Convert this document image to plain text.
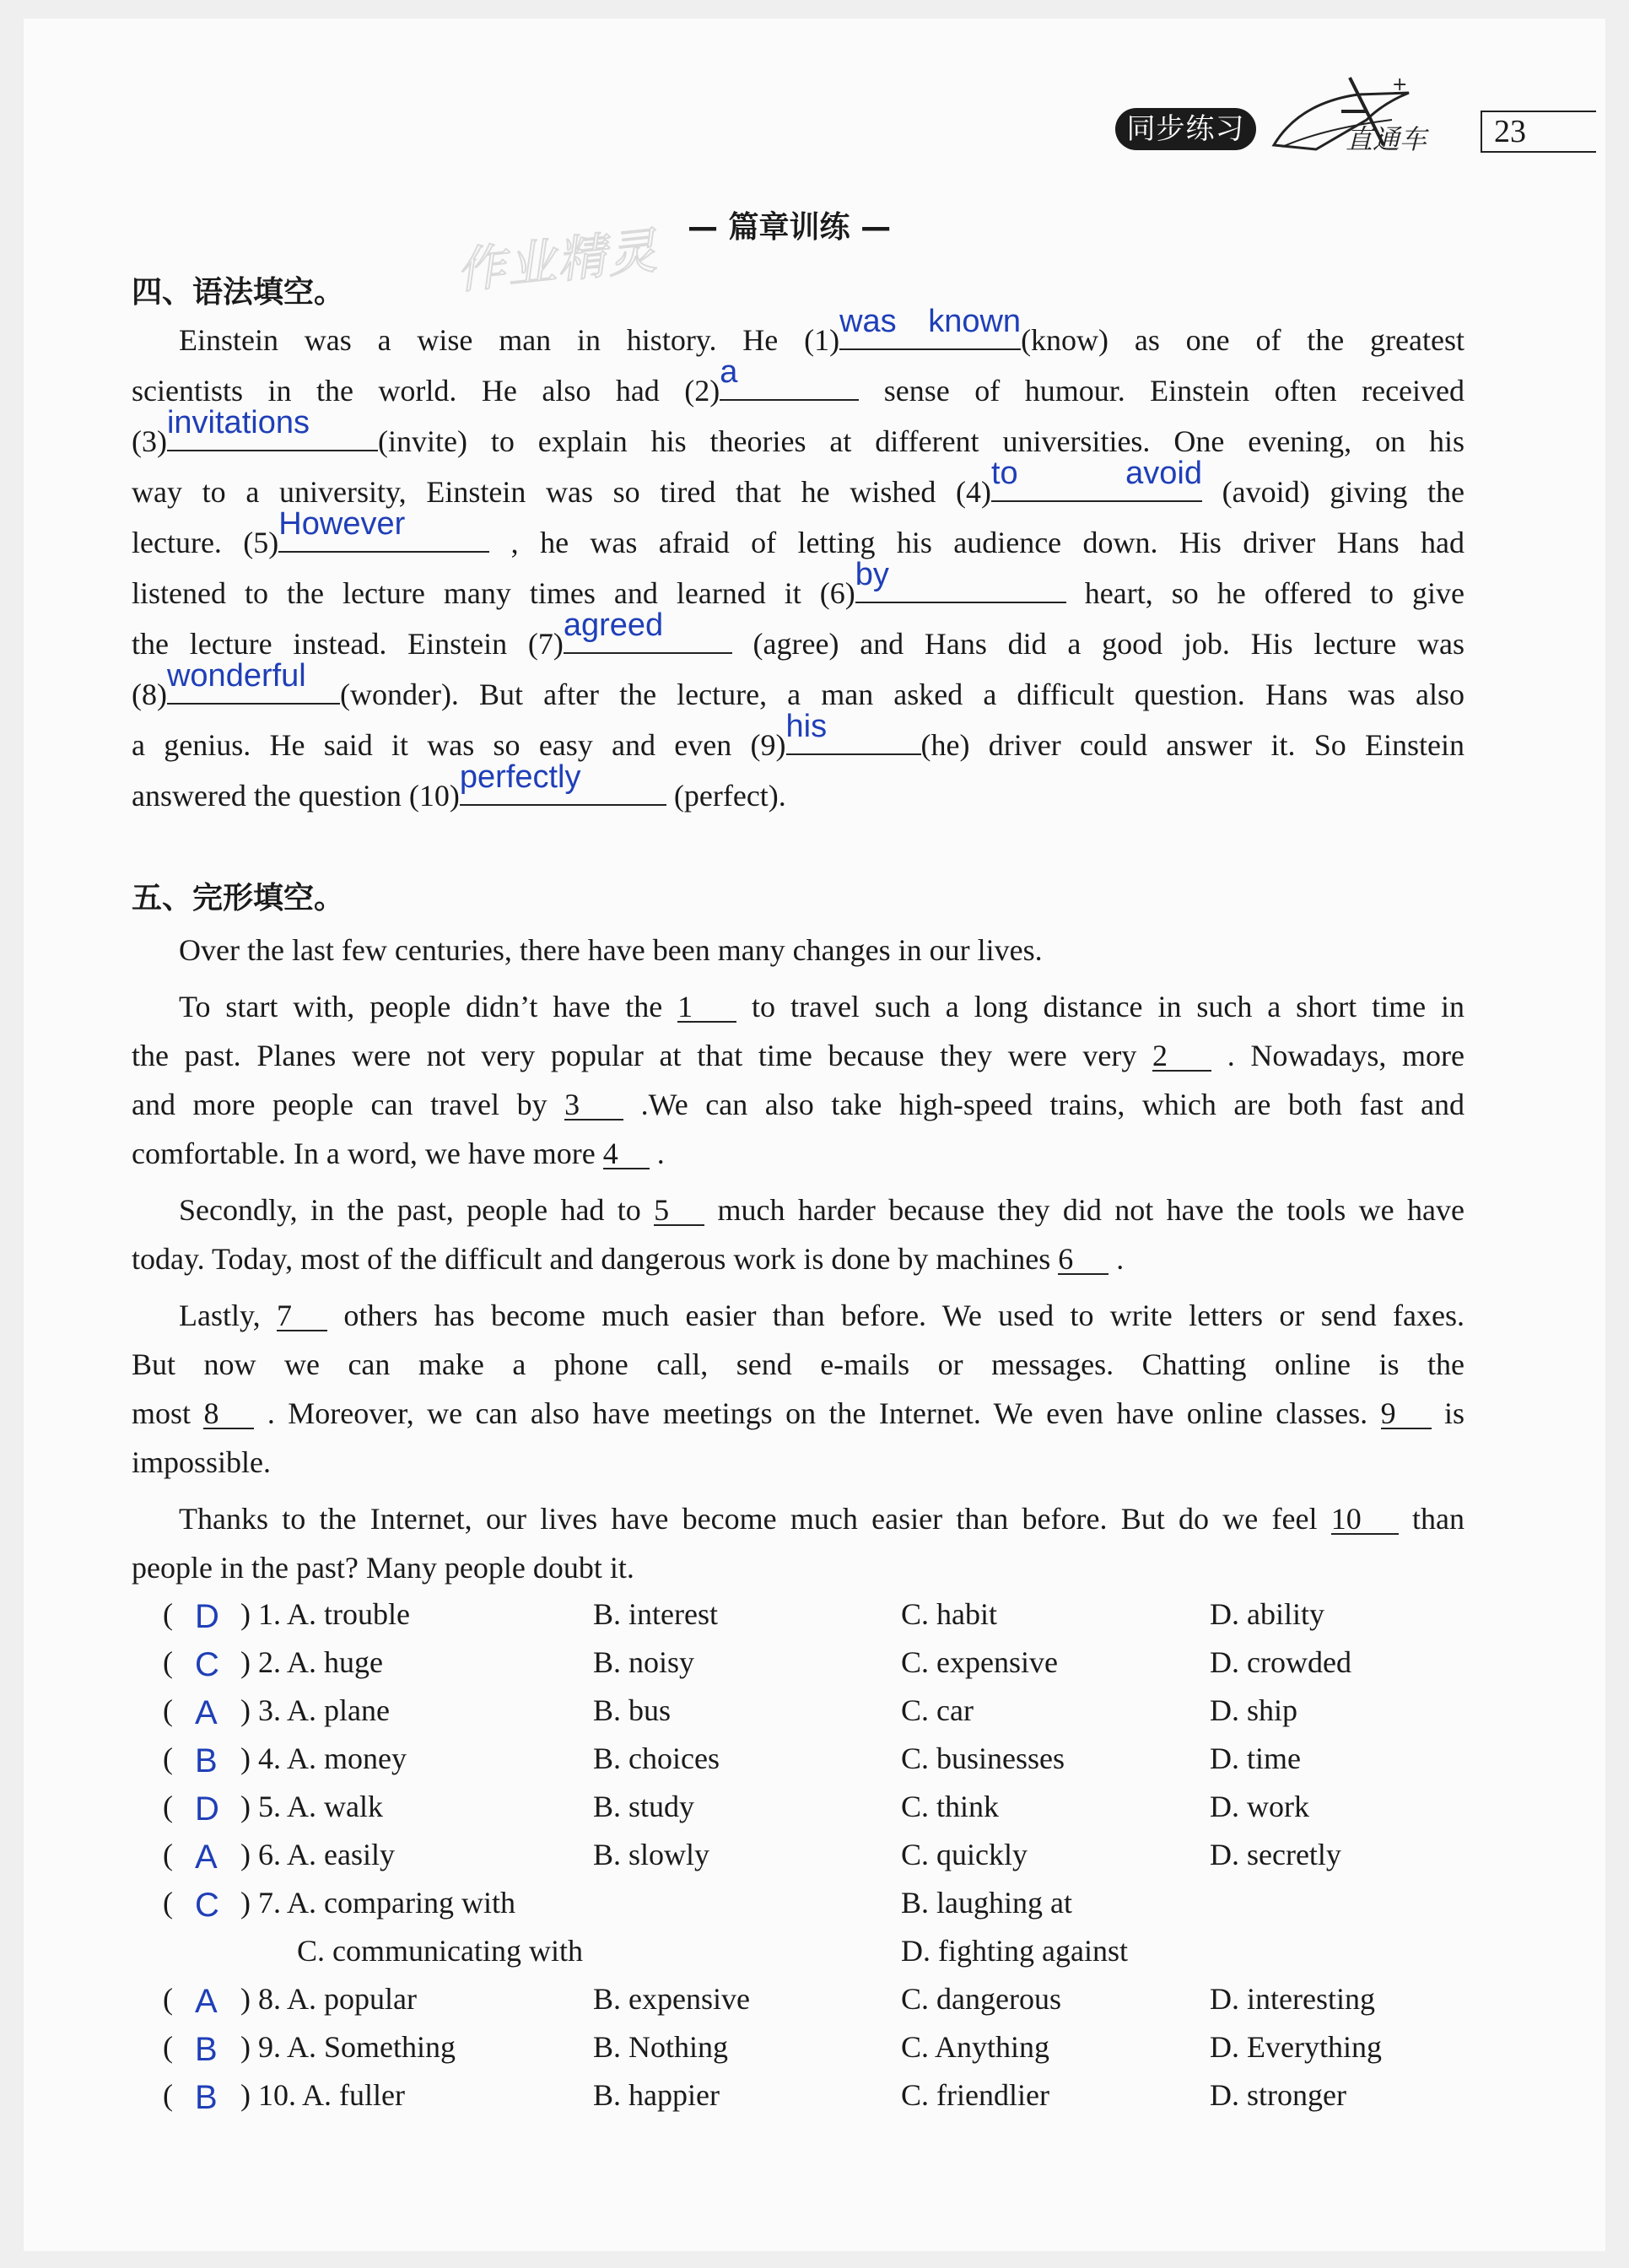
同步练习
+
直通车 23
— 篇章训练 —
作业精灵
四、语法填空。
Einstein was a wise man in history. He (1)
was known
(know) as one of the greatest
scientists in the world. He also had (2)
a
sense of humour. Einstein often received
(3)
invitations
(invite) to explain his theories at different universities. One evening, on his
way to a university, Einstein was so tired that he wished (4)
to avoid
(avoid) giving the
lecture. (5)
However
, he was afraid of letting his audience down. His driver Hans had
listened to the lecture many times and learned it (6)
by
heart, so he offered to give
the lecture instead. Einstein (7)
agreed
(agree) and Hans did a good job. His lecture was
(8)
wonderful
(wonder). But after the lecture, a man asked a difficult question. Hans was also
a genius. He said it was so easy and even (9)
his
(he) driver could answer it. So Einstein
answered the question (10)
perfectly
(perfect).
五、完形填空。
Over the last few centuries, there have been many changes in our lives.
To start with, people didn’t have the 1 to travel such a long distance in such a short time in
the past. Planes were not very popular at that time because they were very 2 . Nowadays, more
and more people can travel by 3 .We can also take high-speed trains, which are both fast and
comfortable. In a word, we have more 4 .
Secondly, in the past, people had to 5 much harder because they did not have the tools we have
today. Today, most of the difficult and dangerous work is done by machines 6 .
Lastly, 7 others has become much easier than before. We used to write letters or send faxes.
But now we can make a phone call, send e-mails or messages. Chatting online is the
most 8 . Moreover, we can also have meetings on the Internet. We even have online classes. 9 is
impossible.
Thanks to the Internet, our lives have become much easier than before. But do we feel 10 than
people in the past? Many people doubt it.
( D ) 1. A. trouble	B. interest	C. habit	D. ability
( C ) 2. A. huge	B. noisy	C. expensive	D. crowded
( A ) 3. A. plane	B. bus	C. car	D. ship
( B ) 4. A. money	B. choices	C. businesses	D. time
( D ) 5. A. walk	B. study	C. think	D. work
( A ) 6. A. easily	B. slowly	C. quickly	D. secretly
( C ) 7. A. comparing with	B. laughing at
C. communicating with	D. fighting against
( A ) 8. A. popular	B. expensive	C. dangerous	D. interesting
( B ) 9. A. Something	B. Nothing	C. Anything	D. Everything
( B ) 10. A. fuller	B. happier	C. friendlier	D. stronger
